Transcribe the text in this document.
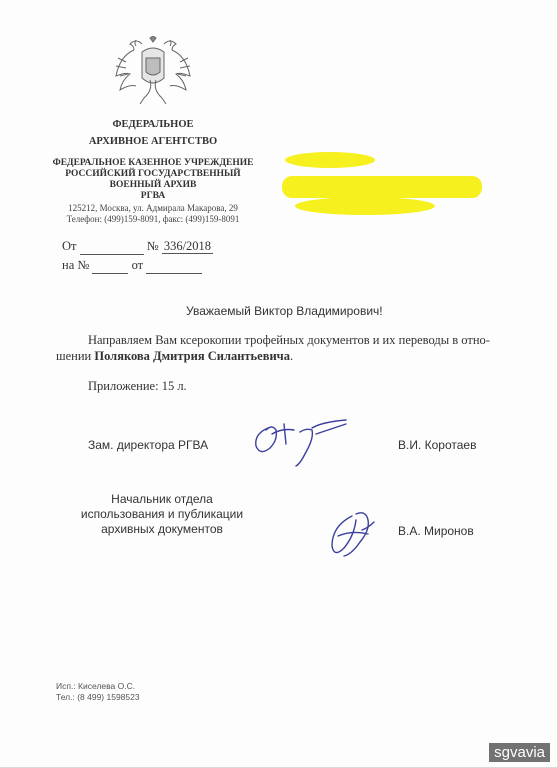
ФЕДЕРАЛЬНОЕ
АРХИВНОЕ АГЕНТСТВО
ФЕДЕРАЛЬНОЕ КАЗЕННОЕ УЧРЕЖДЕНИЕ
РОССИЙСКИЙ ГОСУДАРСТВЕННЫЙ
ВОЕННЫЙ АРХИВ
РГВА
125212, Москва, ул. Адмирала Макарова, 29
Телефон: (499)159-8091, факс: (499)159-8091
От	№ 336/2018
на №	от
Уважаемый Виктор Владимирович!
Направляем Вам ксерокопии трофейных документов и их переводы в отно-
шении Полякова Дмитрия Силантьевича.
Приложение: 15 л.
Зам. директора РГВА	В.И. Коротаев
Начальник отдела
использования и публикации
архивных документов	В.А. Миронов
Исп.: Киселева О.С.
Тел.: (8 499) 1598523
sgvavia
